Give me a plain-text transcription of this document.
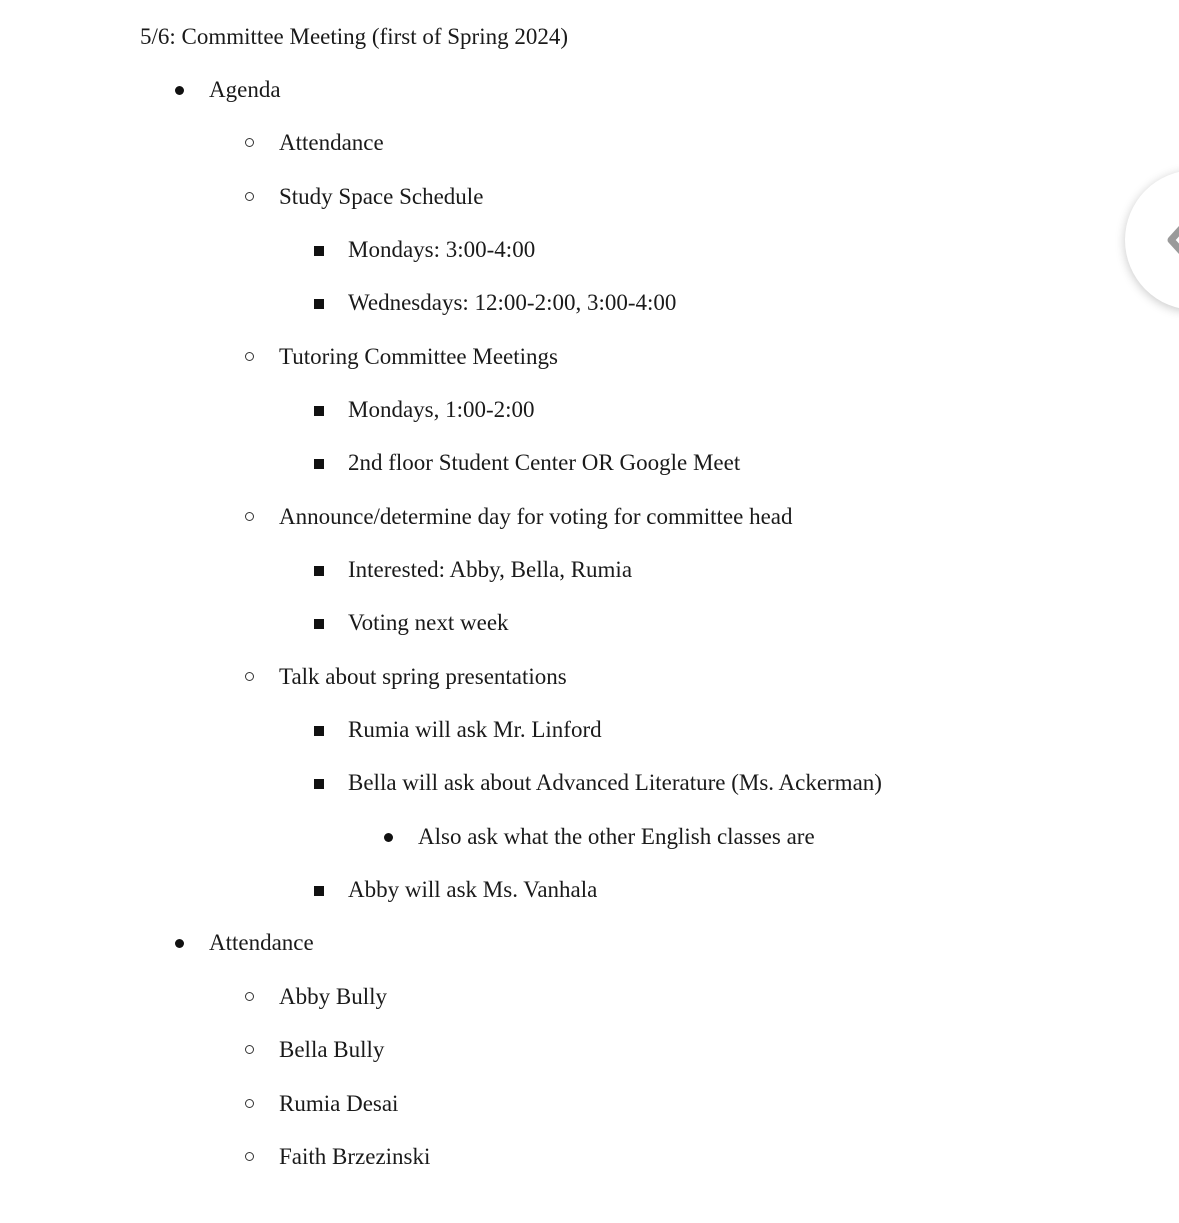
5/6: Committee Meeting (first of Spring 2024)
Agenda
Attendance
Study Space Schedule
Mondays: 3:00-4:00
Wednesdays: 12:00-2:00, 3:00-4:00
Tutoring Committee Meetings
Mondays, 1:00-2:00
2nd floor Student Center OR Google Meet
Announce/determine day for voting for committee head
Interested: Abby, Bella, Rumia
Voting next week
Talk about spring presentations
Rumia will ask Mr. Linford
Bella will ask about Advanced Literature (Ms. Ackerman)
Also ask what the other English classes are
Abby will ask Ms. Vanhala
Attendance
Abby Bully
Bella Bully
Rumia Desai
Faith Brzezinski
